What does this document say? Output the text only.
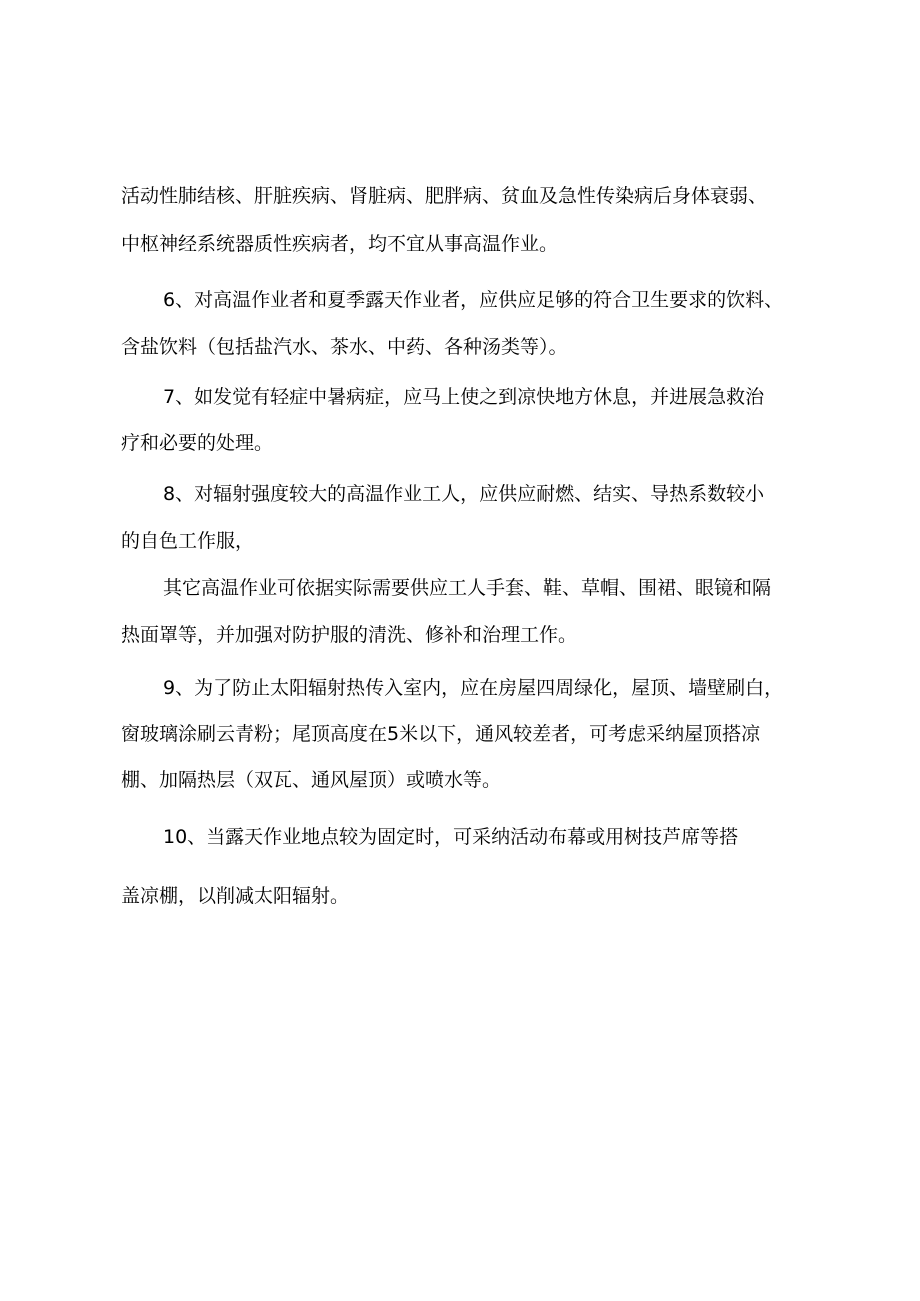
活动性肺结核、肝脏疾病、肾脏病、肥胖病、贫血及急性传染病后身体衰弱、
中枢神经系统器质性疾病者，均不宜从事高温作业。
6、对高温作业者和夏季露天作业者，应供应足够的符合卫生要求的饮料、
含盐饮料（包括盐汽水、茶水、中药、各种汤类等）。
7、如发觉有轻症中暑病症，应马上使之到凉快地方休息，并进展急救治
疗和必要的处理。
8、对辐射强度较大的高温作业工人，应供应耐燃、结实、导热系数较小
的自色工作服，
其它高温作业可依据实际需要供应工人手套、鞋、草帽、围裙、眼镜和隔
热面罩等，并加强对防护服的清洗、修补和治理工作。
9、为了防止太阳辐射热传入室内，应在房屋四周绿化，屋顶、墙壁刷白，
窗玻璃涂刷云青粉；尾顶高度在5米以下，通风较差者，可考虑采纳屋顶搭凉
棚、加隔热层（双瓦、通风屋顶）或喷水等。
10、当露天作业地点较为固定时，可采纳活动布幕或用树技芦席等搭
盖凉棚，以削减太阳辐射。
